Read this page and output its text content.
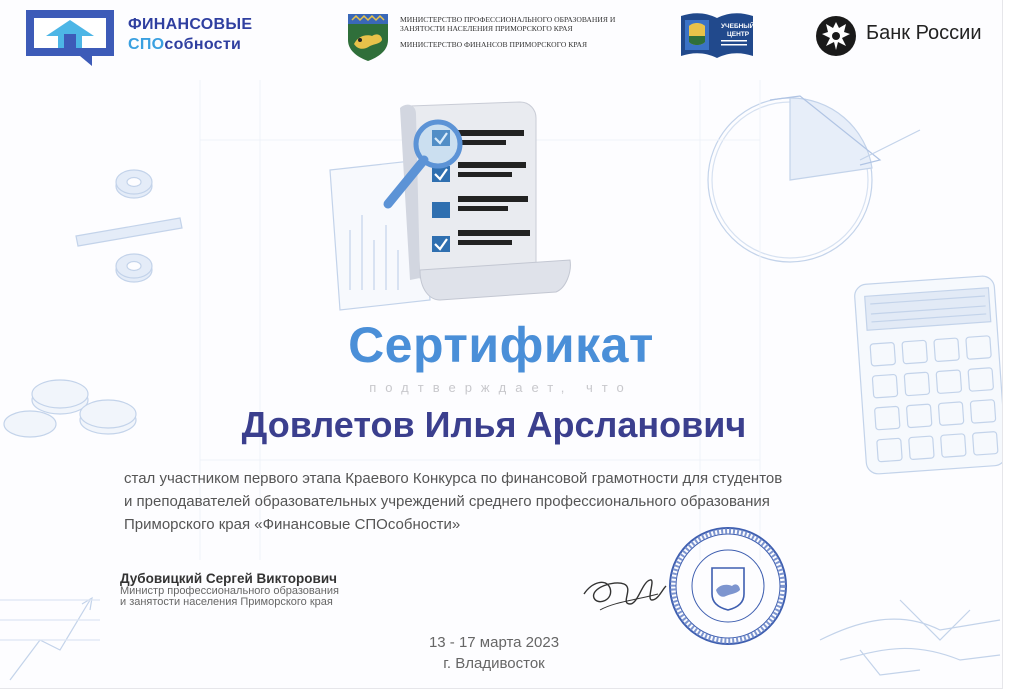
ФИНАНСОВЫЕ
СПОсобности
МИНИСТЕРСТВО ПРОФЕССИОНАЛЬНОГО ОБРАЗОВАНИЯ И ЗАНЯТОСТИ НАСЕЛЕНИЯ ПРИМОРСКОГО КРАЯ
МИНИСТЕРСТВО ФИНАНСОВ ПРИМОРСКОГО КРАЯ
УЧЕБНЫЙ
ЦЕНТР	Банк России
Сертификат
подтверждает, что
Довлетов Илья Арсланович
стал участником первого этапа Краевого Конкурса по финансовой грамотности для студентов
и преподавателей образовательных учреждений среднего профессионального образования
Приморского края «Финансовые СПОсобности»
Дубовицкий Сергей Викторович
Министр профессионального образования
и занятости населения Приморского края
13 - 17 марта 2023
г. Владивосток
